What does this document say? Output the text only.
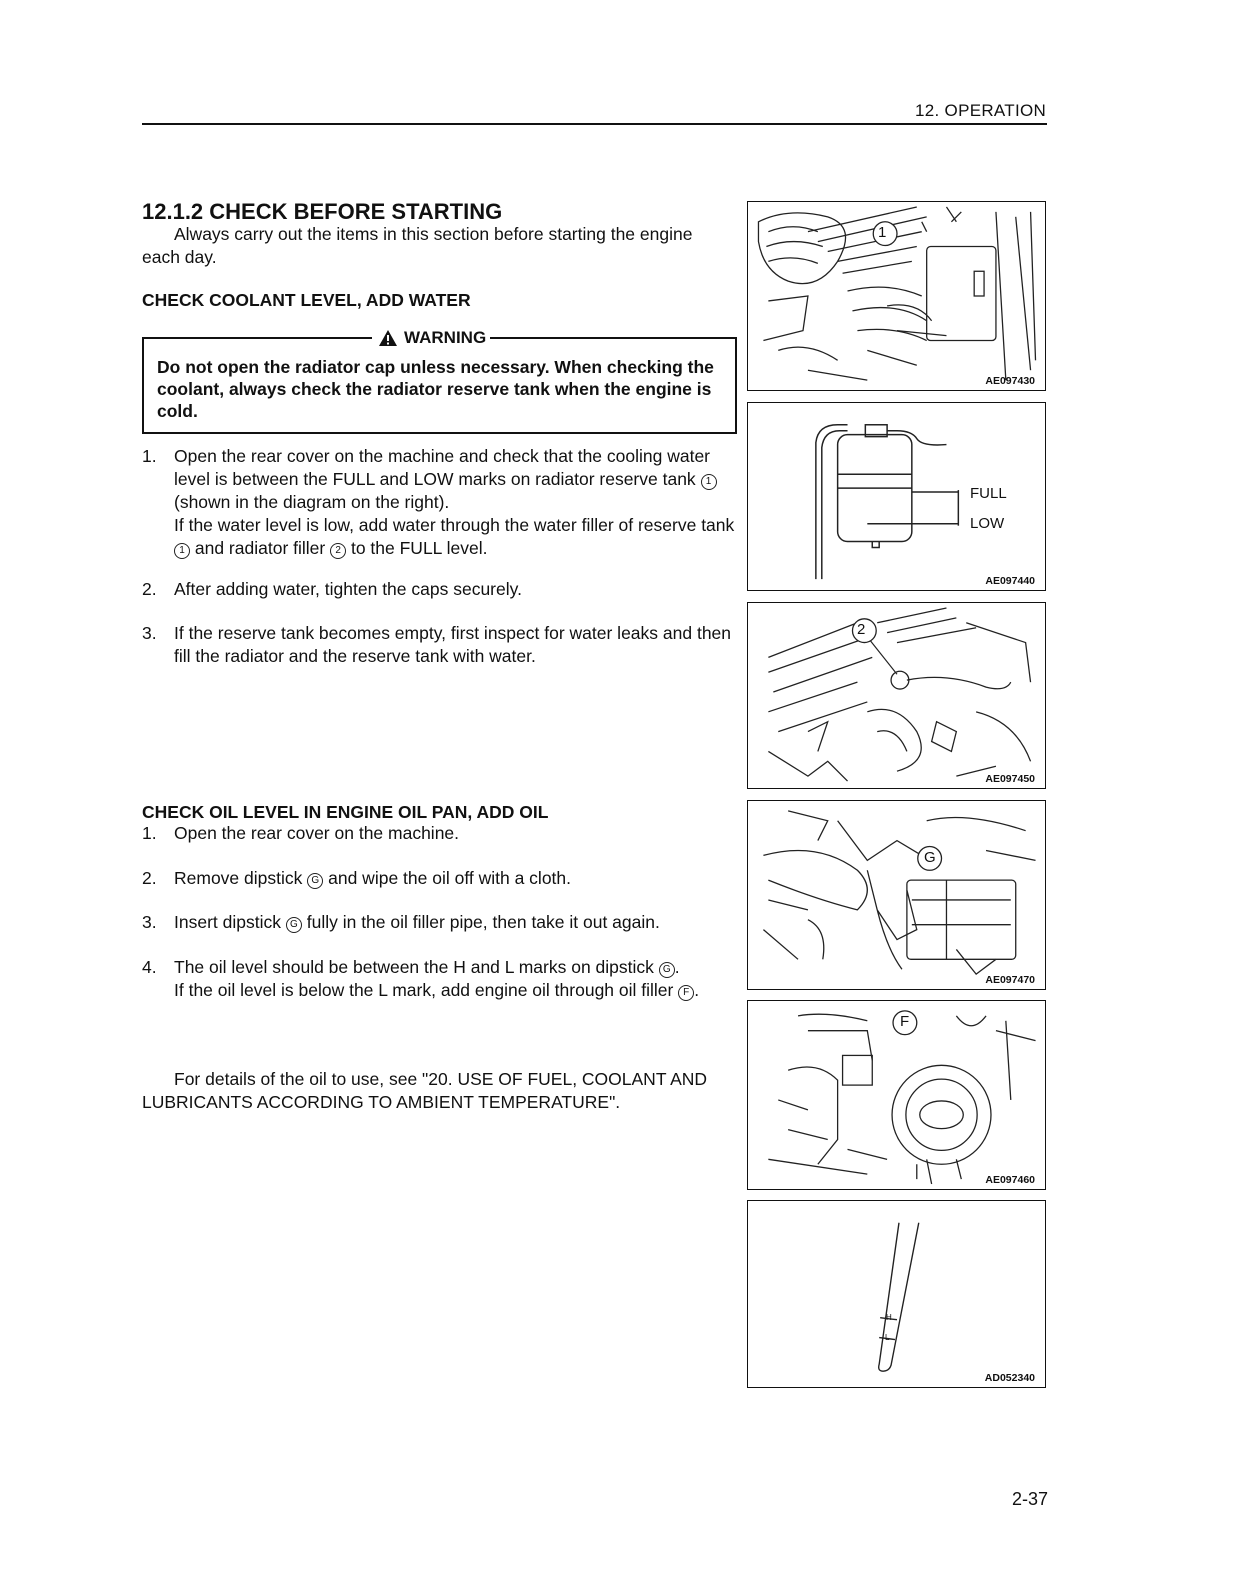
12. OPERATION
12.1.2 CHECK BEFORE STARTING
Always carry out the items in this section before starting the engine each day.
CHECK COOLANT LEVEL, ADD WATER
WARNING
Do not open the radiator cap unless necessary. When checking the coolant, always check the radiator reserve tank when the engine is cold.
1. Open the rear cover on the machine and check that the cooling water level is between the FULL and LOW marks on radiator reserve tank 1 (shown in the diagram on the right).
If the water level is low, add water through the water filler of reserve tank 1 and radiator filler 2 to the FULL level.
2. After adding water, tighten the caps securely.
3. If the reserve tank becomes empty, first inspect for water leaks and then fill the radiator and the reserve tank with water.
CHECK OIL LEVEL IN ENGINE OIL PAN, ADD OIL
1. Open the rear cover on the machine.
2. Remove dipstick G and wipe the oil off with a cloth.
3. Insert dipstick G fully in the oil filler pipe, then take it out again.
4. The oil level should be between the H and L marks on dipstick G .
If the oil level is below the L mark, add engine oil through oil filler F .
For details of the oil to use, see "20. USE OF FUEL, COOLANT AND LUBRICANTS ACCORDING TO AMBIENT TEMPERATURE".
1
AE097430
FULL
LOW
AE097440
2
AE097450
G
AE097470
F
AE097460
H
L
AD052340
2-37
